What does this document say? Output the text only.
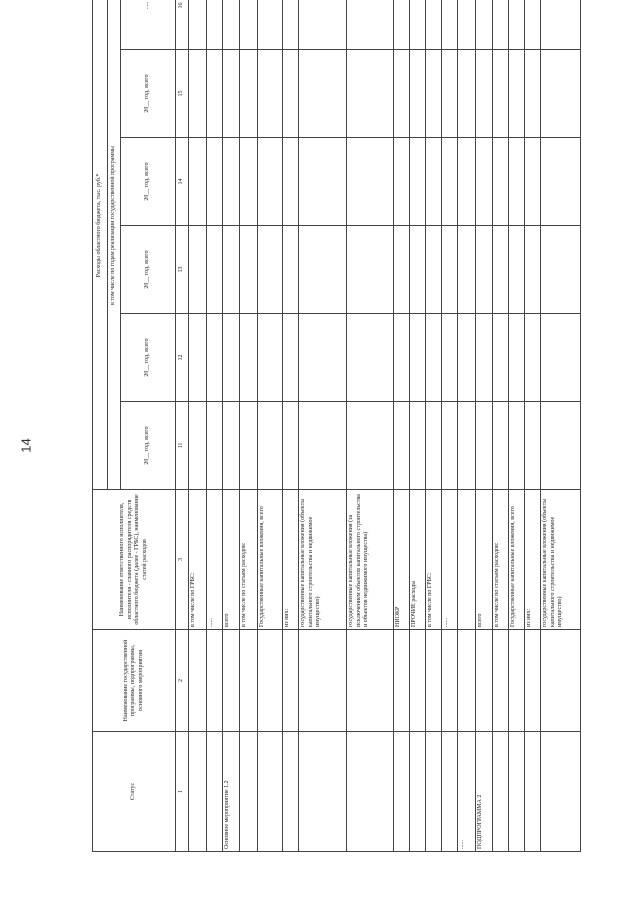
14
Статус	Наименование государственной программы, подпрограммы, основного мероприятия	Наименование ответственного исполнителя, исполнителя - главного распорядителя средств областного бюджета (далее - ГРБС), наименование статей расходов	Расходы областного бюджета, тыс. руб.*					
			в том числе по годам реализации государственной программы					
			20__ год, всего	20__ год, всего	20__ год, всего	20__ год, всего	20__ год, всего	.....
1	2	3	11	12	13	14	15	16
		в том числе по ГРБС:						
		......						
Основное мероприятие 1.2		всего						
		в том числе по статьям расходов:						
		Государственные капитальные вложения, всего						
		из них:						
		государственные капитальные вложения (объекты капитального строительства и недвижимое имущество)						
		государственные капитальные вложения (за исключением объектов капитального строительства и объектов недвижимого имущества)						
		НИОКР						
		ПРОЧИЕ расходы						
		в том числе по ГРБС:						
		......						
......								
ПОДПРОГРАММА 2		всего						
		в том числе по статьям расходов:						
		Государственные капитальные вложения, всего						
		из них:						
		государственные капитальные вложения (объекты капитального строительства и недвижимое имущество)						
